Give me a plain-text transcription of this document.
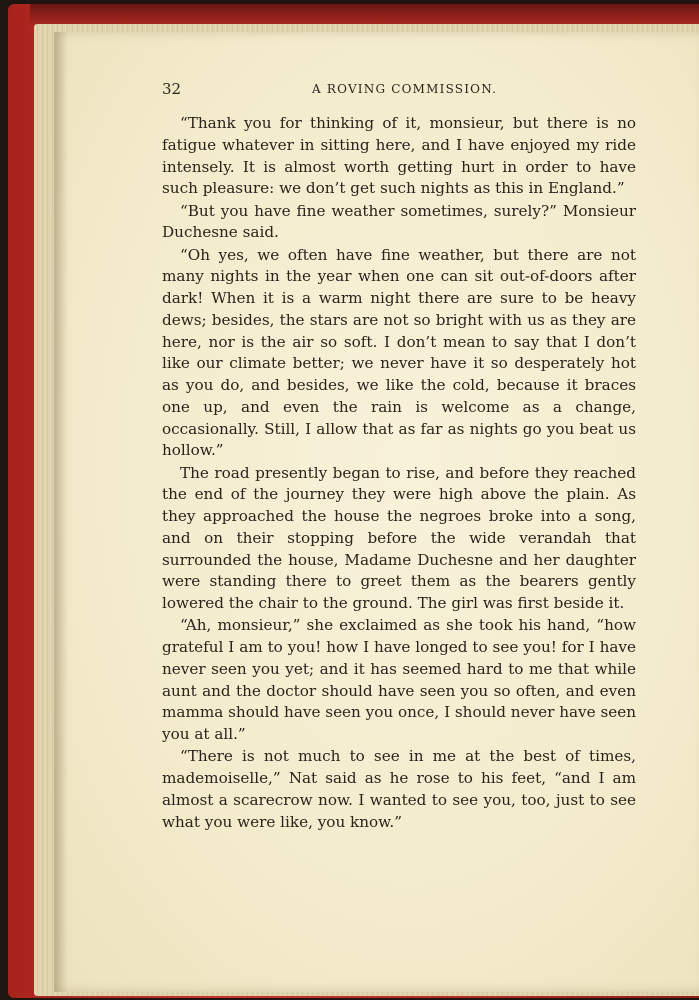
32	A ROVING COMMISSION.

“Thank you for thinking of it, monsieur, but there is no fatigue whatever in sitting here, and I have enjoyed my ride intensely. It is almost worth getting hurt in order to have such pleasure: we don’t get such nights as this in England.”

“But you have fine weather sometimes, surely?” Monsieur Duchesne said.

“Oh yes, we often have fine weather, but there are not many nights in the year when one can sit out-of-doors after dark! When it is a warm night there are sure to be heavy dews; besides, the stars are not so bright with us as they are here, nor is the air so soft. I don’t mean to say that I don’t like our climate better; we never have it so desperately hot as you do, and besides, we like the cold, because it braces one up, and even the rain is welcome as a change, occasionally. Still, I allow that as far as nights go you beat us hollow.”

The road presently began to rise, and before they reached the end of the journey they were high above the plain. As they approached the house the negroes broke into a song, and on their stopping before the wide verandah that surrounded the house, Madame Duchesne and her daughter were standing there to greet them as the bearers gently lowered the chair to the ground. The girl was first beside it.

“Ah, monsieur,” she exclaimed as she took his hand, “how grateful I am to you! how I have longed to see you! for I have never seen you yet; and it has seemed hard to me that while aunt and the doctor should have seen you so often, and even mamma should have seen you once, I should never have seen you at all.”

“There is not much to see in me at the best of times, mademoiselle,” Nat said as he rose to his feet, “and I am almost a scarecrow now. I wanted to see you, too, just to see what you were like, you know.”
